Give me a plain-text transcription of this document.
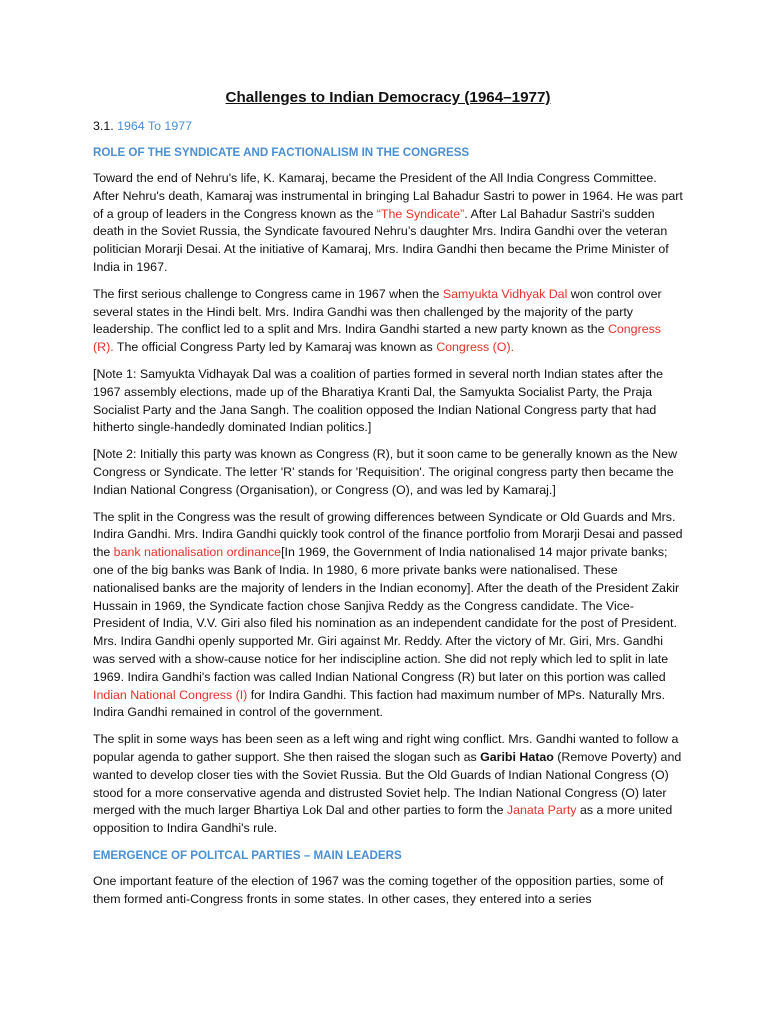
Challenges to Indian Democracy (1964–1977)
3.1. 1964 To 1977
ROLE OF THE SYNDICATE AND FACTIONALISM IN THE CONGRESS

Toward the end of Nehru's life, K. Kamaraj, became the President of the All India Congress Committee. After Nehru's death, Kamaraj was instrumental in bringing Lal Bahadur Sastri to power in 1964. He was part of a group of leaders in the Congress known as the “The Syndicate”. After Lal Bahadur Sastri's sudden death in the Soviet Russia, the Syndicate favoured Nehru’s daughter Mrs. Indira Gandhi over the veteran politician Morarji Desai. At the initiative of Kamaraj, Mrs. Indira Gandhi then became the Prime Minister of India in 1967.

The first serious challenge to Congress came in 1967 when the Samyukta Vidhyak Dal won control over several states in the Hindi belt. Mrs. Indira Gandhi was then challenged by the majority of the party leadership. The conflict led to a split and Mrs. Indira Gandhi started a new party known as the Congress (R). The official Congress Party led by Kamaraj was known as Congress (O).

[Note 1: Samyukta Vidhayak Dal was a coalition of parties formed in several north Indian states after the 1967 assembly elections, made up of the Bharatiya Kranti Dal, the Samyukta Socialist Party, the Praja Socialist Party and the Jana Sangh. The coalition opposed the Indian National Congress party that had hitherto single-handedly dominated Indian politics.]

[Note 2: Initially this party was known as Congress (R), but it soon came to be generally known as the New Congress or Syndicate. The letter 'R' stands for 'Requisition'. The original congress party then became the Indian National Congress (Organisation), or Congress (O), and was led by Kamaraj.]

The split in the Congress was the result of growing differences between Syndicate or Old Guards and Mrs. Indira Gandhi. Mrs. Indira Gandhi quickly took control of the finance portfolio from Morarji Desai and passed the bank nationalisation ordinance[In 1969, the Government of India nationalised 14 major private banks; one of the big banks was Bank of India. In 1980, 6 more private banks were nationalised. These nationalised banks are the majority of lenders in the Indian economy]. After the death of the President Zakir Hussain in 1969, the Syndicate faction chose Sanjiva Reddy as the Congress candidate. The Vice-President of India, V.V. Giri also filed his nomination as an independent candidate for the post of President. Mrs. Indira Gandhi openly supported Mr. Giri against Mr. Reddy. After the victory of Mr. Giri, Mrs. Gandhi was served with a show-cause notice for her indiscipline action. She did not reply which led to split in late 1969. Indira Gandhi's faction was called Indian National Congress (R) but later on this portion was called Indian National Congress (I) for Indira Gandhi. This faction had maximum number of MPs. Naturally Mrs. Indira Gandhi remained in control of the government.

The split in some ways has been seen as a left wing and right wing conflict. Mrs. Gandhi wanted to follow a popular agenda to gather support. She then raised the slogan such as Garibi Hatao (Remove Poverty) and wanted to develop closer ties with the Soviet Russia. But the Old Guards of Indian National Congress (O) stood for a more conservative agenda and distrusted Soviet help. The Indian National Congress (O) later merged with the much larger Bhartiya Lok Dal and other parties to form the Janata Party as a more united opposition to Indira Gandhi's rule.

EMERGENCE OF POLITCAL PARTIES – MAIN LEADERS

One important feature of the election of 1967 was the coming together of the opposition parties, some of them formed anti-Congress fronts in some states. In other cases, they entered into a series
